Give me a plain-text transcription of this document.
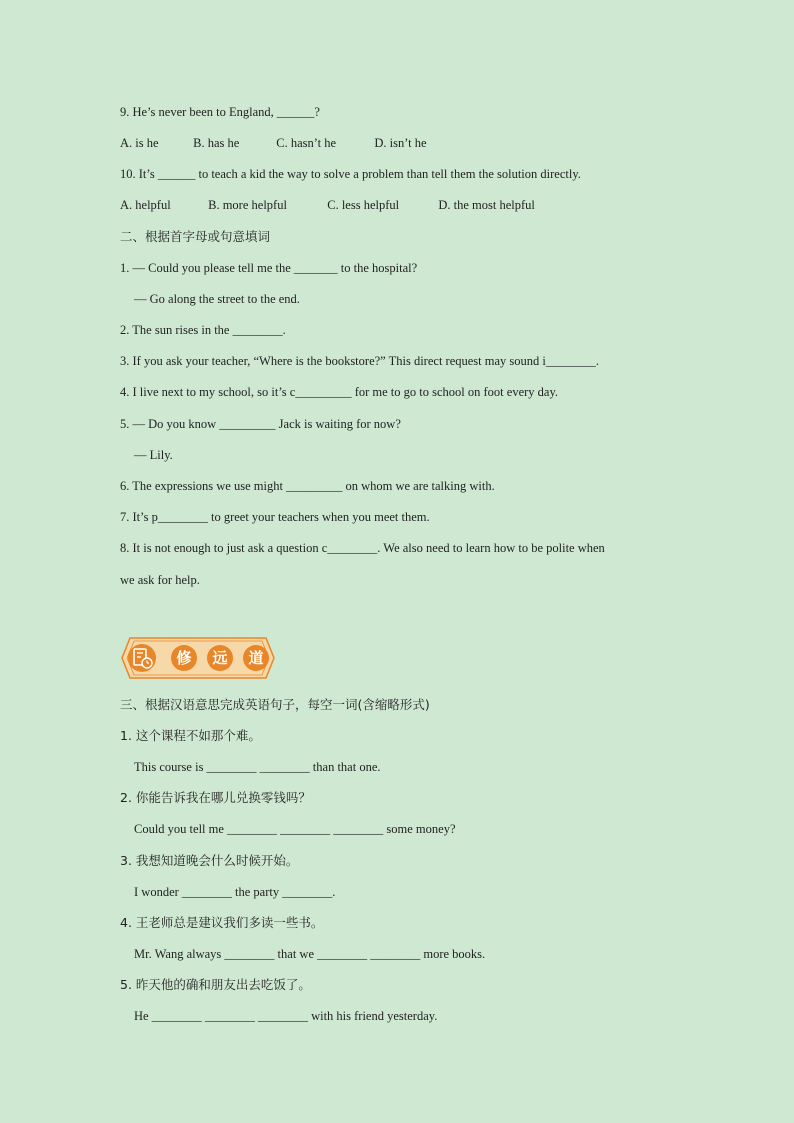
9. He’s never been to England, ______?
A. is he	B. has he	C. hasn’t he	D. isn’t he
10. It’s ______ to teach a kid the way to solve a problem than tell them the solution directly.
A. helpful	B. more helpful	C. less helpful	D. the most helpful
二、根据首字母或句意填词
1. — Could you please tell me the _______ to the hospital?
— Go along the street to the end.
2. The sun rises in the ________.
3. If you ask your teacher, “Where is the bookstore?” This direct request may sound i________.
4. I live next to my school, so it’s c_________ for me to go to school on foot every day.
5. — Do you know _________ Jack is waiting for now?
— Lily.
6. The expressions we use might _________ on whom we are talking with.
7. It’s p________ to greet your teachers when you meet them.
8. It is not enough to just ask a question c________. We also need to learn how to be polite when
we ask for help.
修	远	道
三、根据汉语意思完成英语句子，每空一词(含缩略形式)
1. 这个课程不如那个难。
This course is ________ ________ than that one.
2. 你能告诉我在哪儿兑换零钱吗？
Could you tell me ________ ________ ________ some money?
3. 我想知道晚会什么时候开始。
I wonder ________ the party ________.
4. 王老师总是建议我们多读一些书。
Mr. Wang always ________ that we ________ ________ more books.
5. 昨天他的确和朋友出去吃饭了。
He ________ ________ ________ with his friend yesterday.
